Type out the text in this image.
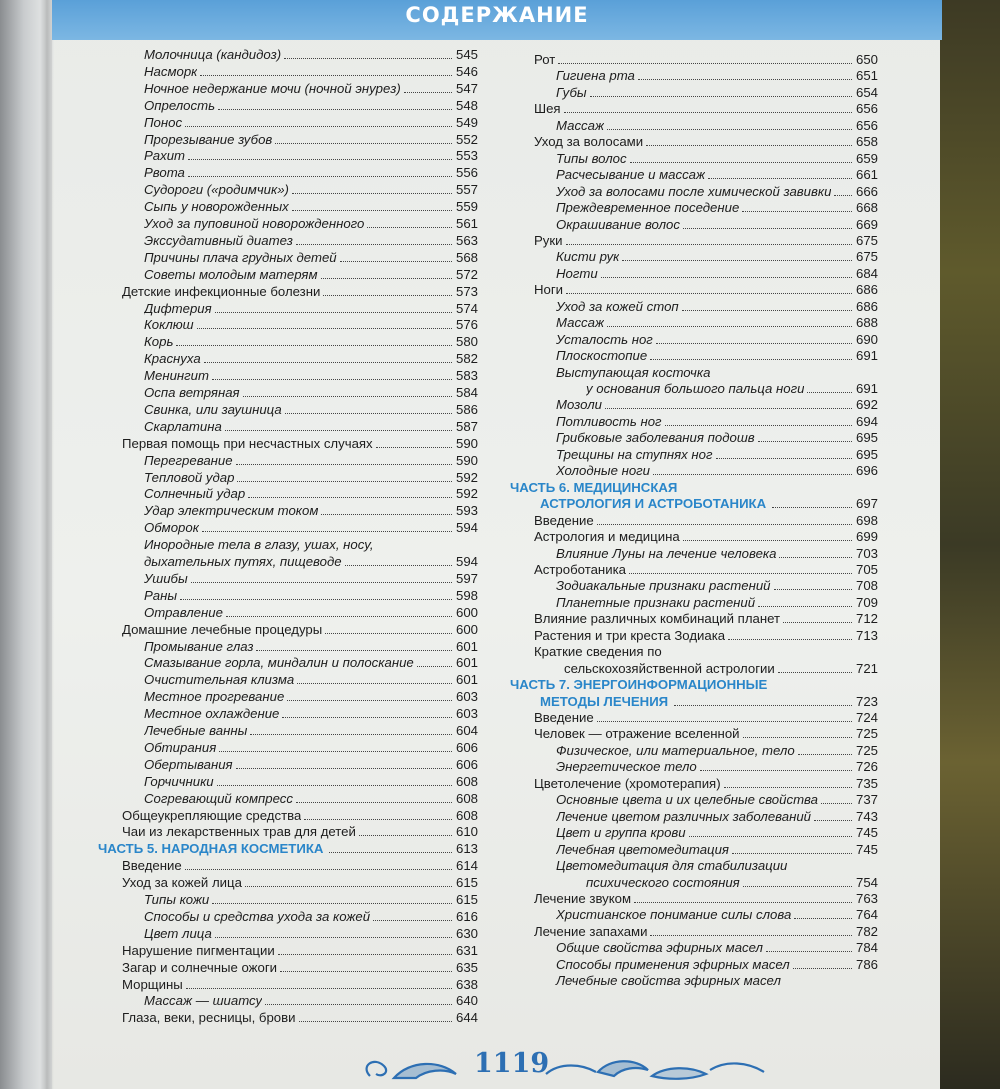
СОДЕРЖАНИЕ
Молочница (кандидоз)	545
Насморк	546
Ночное недержание мочи (ночной энурез)	547
Опрелость	548
Понос	549
Прорезывание зубов	552
Рахит	553
Рвота	556
Судороги («родимчик»)	557
Сыпь у новорожденных	559
Уход за пуповиной новорожденного	561
Экссудативный диатез	563
Причины плача грудных детей	568
Советы молодым матерям	572
Детские инфекционные болезни	573
Дифтерия	574
Коклюш	576
Корь	580
Краснуха	582
Менингит	583
Оспа ветряная	584
Свинка, или заушница	586
Скарлатина	587
Первая помощь при несчастных случаях	590
Перегревание	590
Тепловой удар	592
Солнечный удар	592
Удар электрическим током	593
Обморок	594
Инородные тела в глазу, ушах, носу,
дыхательных путях, пищеводе	594
Ушибы	597
Раны	598
Отравление	600
Домашние лечебные процедуры	600
Промывание глаз	601
Смазывание горла, миндалин и полоскание	601
Очистительная клизма	601
Местное прогревание	603
Местное охлаждение	603
Лечебные ванны	604
Обтирания	606
Обертывания	606
Горчичники	608
Согревающий компресс	608
Общеукрепляющие средства	608
Чаи из лекарственных трав для детей	610
ЧАСТЬ 5. НАРОДНАЯ КОСМЕТИКА	613
Введение	614
Уход за кожей лица	615
Типы кожи	615
Способы и средства ухода за кожей	616
Цвет лица	630
Нарушение пигментации	631
Загар и солнечные ожоги	635
Морщины	638
Массаж — шиатсу	640
Глаза, веки, ресницы, брови	644
Рот	650
Гигиена рта	651
Губы	654
Шея	656
Массаж	656
Уход за волосами	658
Типы волос	659
Расчесывание и массаж	661
Уход за волосами после химической завивки 666
Преждевременное поседение	668
Окрашивание волос	669
Руки	675
Кисти рук	675
Ногти	684
Ноги	686
Уход за кожей стоп	686
Массаж	688
Усталость ног	690
Плоскостопие	691
Выступающая косточка
у основания большого пальца ноги	691
Мозоли	692
Потливость ног	694
Грибковые заболевания подошв	695
Трещины на ступнях ног	695
Холодные ноги	696
ЧАСТЬ 6. МЕДИЦИНСКАЯ
АСТРОЛОГИЯ И АСТРОБОТАНИКА	697
Введение	698
Астрология и медицина	699
Влияние Луны на лечение человека	703
Астроботаника	705
Зодиакальные признаки растений	708
Планетные признаки растений	709
Влияние различных комбинаций планет	712
Растения и три креста Зодиака	713
Краткие сведения по
сельскохозяйственной астрологии	721
ЧАСТЬ 7. ЭНЕРГОИНФОРМАЦИОННЫЕ
МЕТОДЫ ЛЕЧЕНИЯ	723
Введение	724
Человек — отражение вселенной	725
Физическое, или материальное, тело	725
Энергетическое тело	726
Цветолечение (хромотерапия)	735
Основные цвета и их целебные свойства	737
Лечение цветом различных заболеваний	743
Цвет и группа крови	745
Лечебная цветомедитация	745
Цветомедитация для стабилизации
психического состояния	754
Лечение звуком	763
Христианское понимание силы слова	764
Лечение запахами	782
Общие свойства эфирных масел	784
Способы применения эфирных масел	786
Лечебные свойства эфирных масел
1119
